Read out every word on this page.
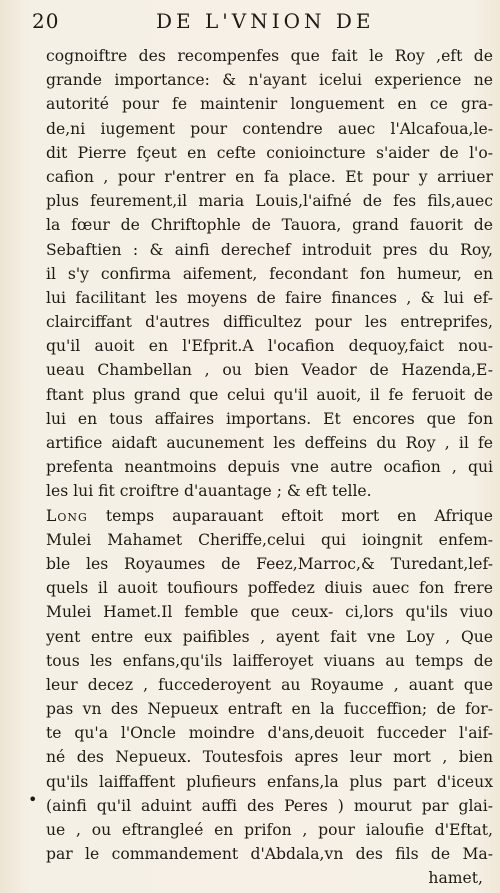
20	DE L'VNION DE
cognoiftre des recompenfes que fait le Roy ,eft de
grande importance: & n'ayant icelui experience ne
autorité pour fe maintenir longuement en ce gra-
de,ni iugement pour contendre auec l'Alcafoua,le-
dit Pierre fçeut en cefte conioincture s'aider de l'o-
cafion , pour r'entrer en fa place. Et pour y arriuer
plus feurement,il maria Louis,l'aifné de fes fils,auec
la fœur de Chriftophle de Tauora, grand fauorit de
Sebaftien : & ainfi derechef introduit pres du Roy,
il s'y confirma aifement, fecondant fon humeur, en
lui facilitant les moyens de faire finances , & lui ef-
clairciffant d'autres difficultez pour les entreprifes,
qu'il auoit en l'Efprit.A l'ocafion dequoy,faict nou-
ueau Chambellan , ou bien Veador de Hazenda,E-
ftant plus grand que celui qu'il auoit, il fe feruoit de
lui en tous affaires importans. Et encores que fon
artifice aidaft aucunement les deffeins du Roy , il fe
prefenta neantmoins depuis vne autre ocafion , qui
les lui fit croiftre d'auantage ; & eft telle.
Long temps auparauant eftoit mort en Afrique
Mulei Mahamet Cheriffe,celui qui ioingnit enfem-
ble les Royaumes de Feez,Marroc,& Turedant,lef-
quels il auoit toufiours poffedez diuis auec fon frere
Mulei Hamet.Il femble que ceux- ci,lors qu'ils viuo
yent entre eux paifibles , ayent fait vne Loy , Que
tous les enfans,qu'ils laifferoyet viuans au temps de
leur decez , fuccederoyent au Royaume , auant que
pas vn des Nepueux entraft en la fucceffion; de for-
te qu'a l'Oncle moindre d'ans,deuoit fucceder l'aif-
né des Nepueux. Toutesfois apres leur mort , bien
qu'ils laiffaffent plufieurs enfans,la plus part d'iceux
(ainfi qu'il aduint auffi des Peres ) mourut par glai-
ue , ou eftrangleé en prifon , pour ialoufie d'Eftat,
par le commandement d'Abdala,vn des fils de Ma-
hamet,
•
